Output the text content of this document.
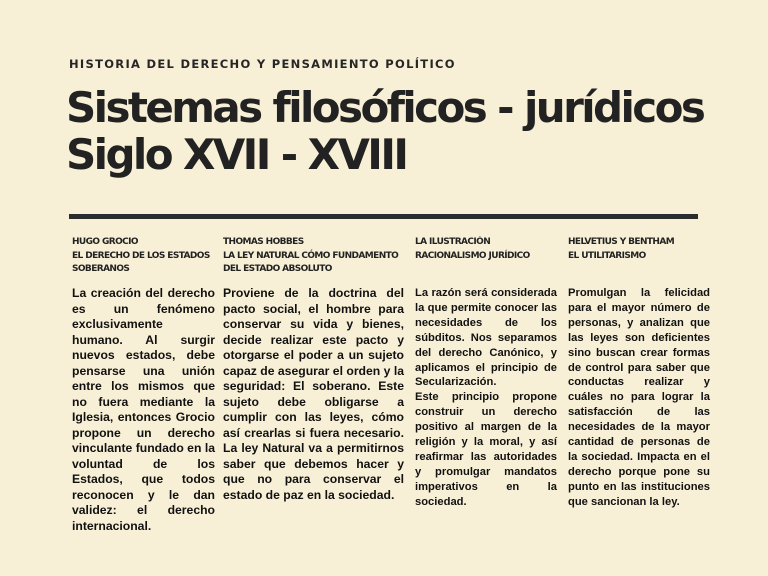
HISTORIA DEL DERECHO Y PENSAMIENTO POLÍTICO
Sistemas filosóficos - jurídicos Siglo XVII - XVIII
HUGO GROCIO
EL DERECHO DE LOS ESTADOS
SOBERANOS
La creación del derecho es un fenómeno exclusivamente humano. Al surgir nuevos estados, debe pensarse una unión entre los mismos que no fuera mediante la Iglesia, entonces Grocio propone un derecho vinculante fundado en la voluntad de los Estados, que todos reconocen y le dan validez: el derecho internacional.
THOMAS HOBBES
LA LEY NATURAL CÓMO FUNDAMENTO
DEL ESTADO ABSOLUTO
Proviene de la doctrina del pacto social, el hombre para conservar su vida y bienes, decide realizar este pacto y otorgarse el poder a un sujeto capaz de asegurar el orden y la seguridad: El soberano. Este sujeto debe obligarse a cumplir con las leyes, cómo así crearlas si fuera necesario. La ley Natural va a permitirnos saber que debemos hacer y que no para conservar el estado de paz en la sociedad.
LA ILUSTRACIÓN
RACIONALISMO JURÍDICO

La razón será considerada la que permite conocer las necesidades de los súbditos. Nos separamos del derecho Canónico, y aplicamos el principio de Secularización.

Este principio propone construir un derecho positivo al margen de la religión y la moral, y así reafirmar las autoridades y promulgar mandatos imperativos en la sociedad.

HELVETIUS Y BENTHAM
EL UTILITARISMO
Promulgan la felicidad para el mayor número de personas, y analizan que las leyes son deficientes sino buscan crear formas de control para saber que conductas realizar y cuáles no para lograr la satisfacción de las necesidades de la mayor cantidad de personas de la sociedad. Impacta en el derecho porque pone su punto en las instituciones que sancionan la ley.
